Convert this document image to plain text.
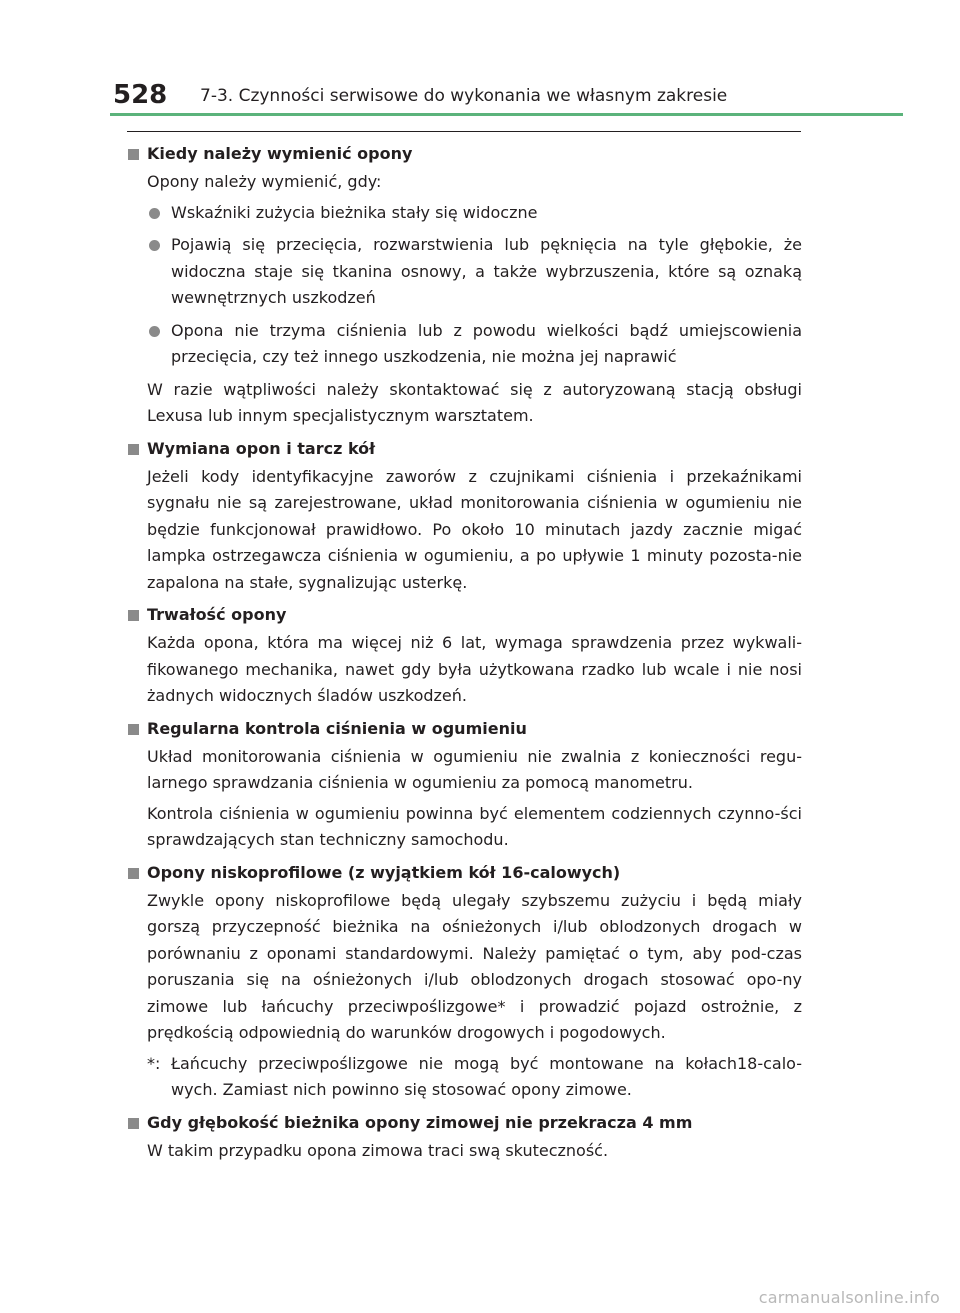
528 7-3. Czynności serwisowe do wykonania we własnym zakresie
Kiedy należy wymienić opony
Opony należy wymienić, gdy:
Wskaźniki zużycia bieżnika stały się widoczne
Pojawią się przecięcia, rozwarstwienia lub pęknięcia na tyle głębokie, że widoczna staje się tkanina osnowy, a także wybrzuszenia, które są oznaką wewnętrznych uszkodzeń
Opona nie trzyma ciśnienia lub z powodu wielkości bądź umiejscowienia przecięcia, czy też innego uszkodzenia, nie można jej naprawić
W razie wątpliwości należy skontaktować się z autoryzowaną stacją obsługi Lexusa lub innym specjalistycznym warsztatem.
Wymiana opon i tarcz kół
Jeżeli kody identyfikacyjne zaworów z czujnikami ciśnienia i przekaźnikami sygnału nie są zarejestrowane, układ monitorowania ciśnienia w ogumieniu nie będzie funkcjonował prawidłowo. Po około 10 minutach jazdy zacznie migać lampka ostrzegawcza ciśnienia w ogumieniu, a po upływie 1 minuty pozosta-nie zapalona na stałe, sygnalizując usterkę.
Trwałość opony
Każda opona, która ma więcej niż 6 lat, wymaga sprawdzenia przez wykwali-fikowanego mechanika, nawet gdy była użytkowana rzadko lub wcale i nie nosi żadnych widocznych śladów uszkodzeń.
Regularna kontrola ciśnienia w ogumieniu
Układ monitorowania ciśnienia w ogumieniu nie zwalnia z konieczności regu-larnego sprawdzania ciśnienia w ogumieniu za pomocą manometru.
Kontrola ciśnienia w ogumieniu powinna być elementem codziennych czynno-ści sprawdzających stan techniczny samochodu.
Opony niskoprofilowe (z wyjątkiem kół 16-calowych)
Zwykle opony niskoprofilowe będą ulegały szybszemu zużyciu i będą miały gorszą przyczepność bieżnika na ośnieżonych i/lub oblodzonych drogach w porównaniu z oponami standardowymi. Należy pamiętać o tym, aby pod-czas poruszania się na ośnieżonych i/lub oblodzonych drogach stosować opo-ny zimowe lub łańcuchy przeciwpoślizgowe* i prowadzić pojazd ostrożnie, z prędkością odpowiednią do warunków drogowych i pogodowych.
*: Łańcuchy przeciwpoślizgowe nie mogą być montowane na kołach18-calo-wych. Zamiast nich powinno się stosować opony zimowe.
Gdy głębokość bieżnika opony zimowej nie przekracza 4 mm
W takim przypadku opona zimowa traci swą skuteczność.
carmanualsonline.info
